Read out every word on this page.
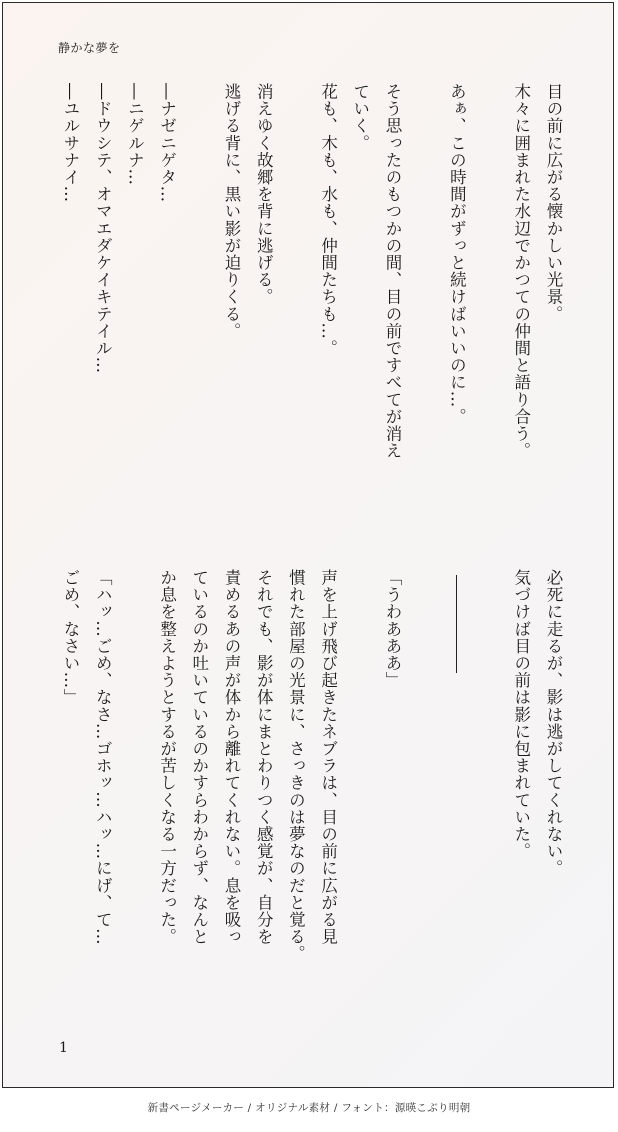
静かな夢を
目の前に広がる懐かしい光景。
木々に囲まれた水辺でかつての仲間と語り合う。
あぁ、この時間がずっと続けばいいのに…。
そう思ったのもつかの間、目の前ですべてが消え
ていく。
花も、木も、水も、仲間たちも…。
消えゆく故郷を背に逃げる。
逃げる背に、黒い影が迫りくる。
―ナゼニゲタ…
―ニゲルナ…
―ドウシテ、オマエダケイキテイル…
―ユルサナイ…
必死に走るが、影は逃がしてくれない。
気づけば目の前は影に包まれていた。
「うわあああ」
声を上げ飛び起きたネブラは、目の前に広がる見
慣れた部屋の光景に、さっきのは夢なのだと覚る。
それでも、影が体にまとわりつく感覚が、自分を
責めるあの声が体から離れてくれない。息を吸っ
ているのか吐いているのかすらわからず、なんと
か息を整えようとするが苦しくなる一方だった。
「ハッ…ごめ、なさ…ゴホッ…ハッ…にげ、て…
ごめ、なさい…」
1
新書ページメーカー / オリジナル素材 / フォント：源暎こぶり明朝
